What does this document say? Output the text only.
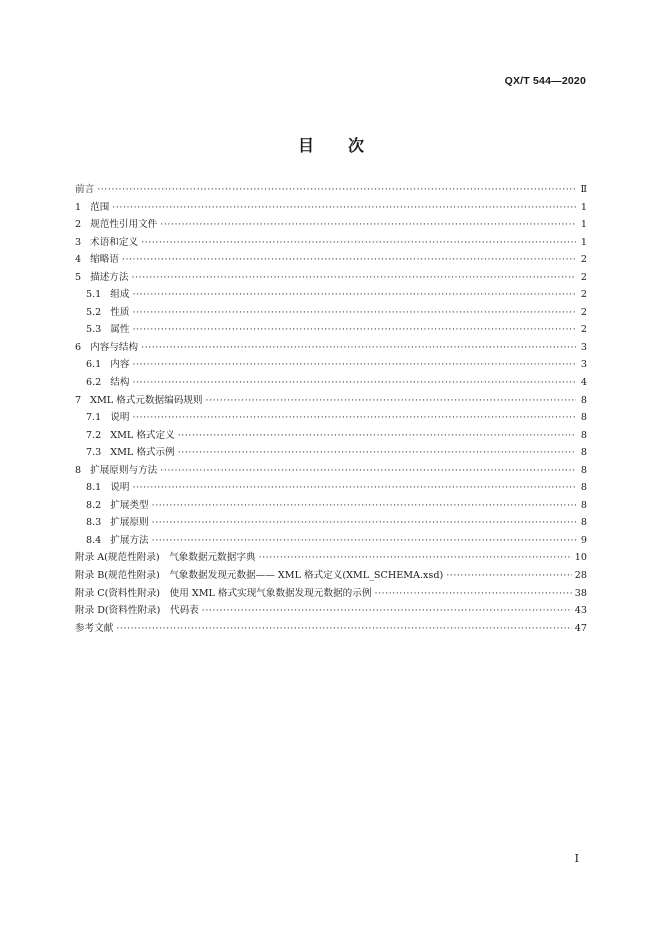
QX/T 544—2020
目次
前言 ·····	Ⅱ
1 范围 ·····	1
2 规范性引用文件 ·····	1
3 术语和定义 ·····	1
4 缩略语 ·····	2
5 描述方法 ·····	2
5.1 组成 ·····	2
5.2 性质 ·····	2
5.3 属性 ·····	2
6 内容与结构 ·····	3
6.1 内容 ·····	3
6.2 结构 ·····	4
7 XML 格式元数据编码规则 ·····	8
7.1 说明 ·····	8
7.2 XML 格式定义 ·····	8
7.3 XML 格式示例 ·····	8
8 扩展原则与方法 ·····	8
8.1 说明 ·····	8
8.2 扩展类型 ·····	8
8.3 扩展原则 ·····	8
8.4 扩展方法 ·····	9
附录 A(规范性附录)　气象数据元数据字典 ·····	10
附录 B(规范性附录)　气象数据发现元数据—— XML 格式定义(XML_SCHEMA.xsd) ·····	28
附录 C(资料性附录)　使用 XML 格式实现气象数据发现元数据的示例 ·····	38
附录 D(资料性附录)　代码表 ·····	43
参考文献 ·····	47
Ⅰ
